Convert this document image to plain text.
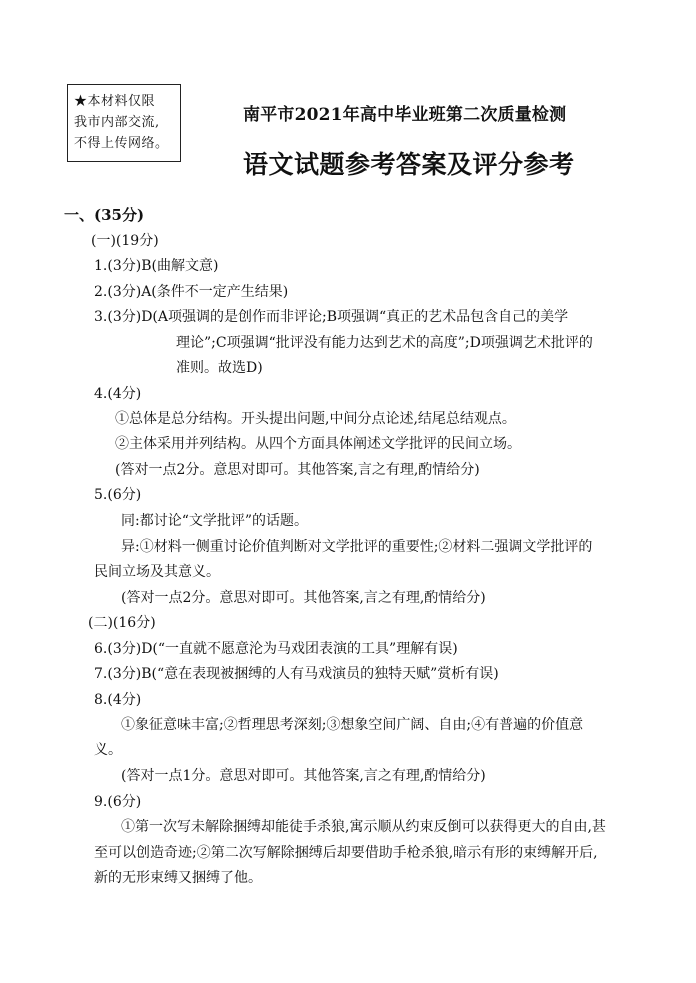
★本材料仅限
我市内部交流,
不得上传网络。
南平市2021年高中毕业班第二次质量检测
语文试题参考答案及评分参考
一、(35分)
(一)(19分)
1.(3分)B(曲解文意)
2.(3分)A(条件不一定产生结果)
3.(3分)D(A项强调的是创作而非评论;B项强调“真正的艺术品包含自己的美学
理论”;C项强调“批评没有能力达到艺术的高度”;D项强调艺术批评的
准则。故选D)
4.(4分)
①总体是总分结构。开头提出问题,中间分点论述,结尾总结观点。
②主体采用并列结构。从四个方面具体阐述文学批评的民间立场。
(答对一点2分。意思对即可。其他答案,言之有理,酌情给分)
5.(6分)
同:都讨论“文学批评”的话题。
异:①材料一侧重讨论价值判断对文学批评的重要性;②材料二强调文学批评的
民间立场及其意义。
(答对一点2分。意思对即可。其他答案,言之有理,酌情给分)
(二)(16分)
6.(3分)D(“一直就不愿意沦为马戏团表演的工具”理解有误)
7.(3分)B(“意在表现被捆缚的人有马戏演员的独特天赋”赏析有误)
8.(4分)
①象征意味丰富;②哲理思考深刻;③想象空间广阔、自由;④有普遍的价值意
义。
(答对一点1分。意思对即可。其他答案,言之有理,酌情给分)
9.(6分)
①第一次写未解除捆缚却能徒手杀狼,寓示顺从约束反倒可以获得更大的自由,甚
至可以创造奇迹;②第二次写解除捆缚后却要借助手枪杀狼,暗示有形的束缚解开后,
新的无形束缚又捆缚了他。
